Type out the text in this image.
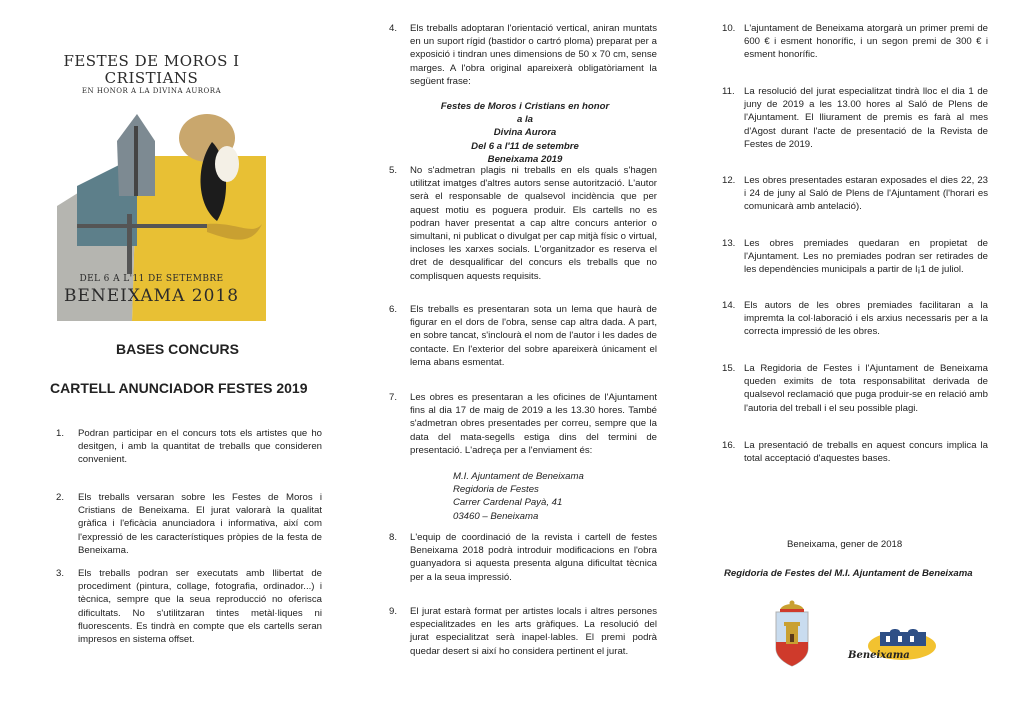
FESTES DE MOROS I
CRISTIANS
EN HONOR A LA DIVINA AURORA
DEL 6 A L'11 DE SETEMBRE
BENEIXAMA 2018
BASES CONCURS
CARTELL ANUNCIADOR FESTES 2019
1. Podran participar en el concurs tots els artistes que ho desitgen, i amb la quantitat de treballs que consideren convenient.
2. Els treballs versaran sobre les Festes de Moros i Cristians de Beneixama. El jurat valorarà la qualitat gràfica i l'eficàcia anunciadora i informativa, així com l'expressió de les característiques pròpies de la festa de Beneixama.
3. Els treballs podran ser executats amb llibertat de procediment (pintura, collage, fotografia, ordinador...) i tècnica, sempre que la seua reproducció no oferisca dificultats. No s'utilitzaran tintes metàl·liques ni fluorescents. Es tindrà en compte que els cartells seran impresos en sistema offset.
4. Els treballs adoptaran l'orientació vertical, aniran muntats en un suport rígid (bastidor o cartró ploma) preparat per a exposició i tindran unes dimensions de 50 x 70 cm, sense marges. A l'obra original apareixerà obligatòriament la següent frase:
Festes de Moros i Cristians en honor a la
Divina Aurora
Del 6 a l'11 de setembre
Beneixama 2019
5. No s'admetran plagis ni treballs en els quals s'hagen utilitzat imatges d'altres autors sense autorització. L'autor serà el responsable de qualsevol incidència que per aquest motiu es poguera produir. Els cartells no es podran haver presentat a cap altre concurs anterior o simultani, ni publicat o divulgat per cap mitjà físic o virtual, incloses les xarxes socials. L'organitzador es reserva el dret de desqualificar del concurs els treballs que no complisquen aquests requisits.
6. Els treballs es presentaran sota un lema que haurà de figurar en el dors de l'obra, sense cap altra dada. A part, en sobre tancat, s'inclourà el nom de l'autor i les dades de contacte. En l'exterior del sobre apareixerà únicament el lema abans esmentat.
7. Les obres es presentaran a les oficines de l'Ajuntament fins al dia 17 de maig de 2019 a les 13.30 hores. També s'admetran obres presentades per correu, sempre que la data del mata-segells estiga dins del termini de presentació. L'adreça per a l'enviament és:
M.I. Ajuntament de Beneixama
Regidoria de Festes
Carrer Cardenal Payà, 41
03460 – Beneixama
8. L'equip de coordinació de la revista i cartell de festes Beneixama 2018 podrà introduir modificacions en l'obra guanyadora si aquesta presenta alguna dificultat tècnica per a la seua impressió.
9. El jurat estarà format per artistes locals i altres persones especialitzades en les arts gràfiques. La resolució del jurat especialitzat serà inapel·lables. El premi podrà quedar desert si així ho considera pertinent el jurat.
10. L'ajuntament de Beneixama atorgarà un primer premi de 600 € i esment honorífic, i un segon premi de 300 € i esment honorífic.
11. La resolució del jurat especialitzat tindrà lloc el dia 1 de juny de 2019 a les 13.00 hores al Saló de Plens de l'Ajuntament. El lliurament de premis es farà al mes d'Agost durant l'acte de presentació de la Revista de Festes de 2019.
12. Les obres presentades estaran exposades el dies 22, 23 i 24 de juny al Saló de Plens de l'Ajuntament (l'horari es comunicarà amb antelació).
13. Les obres premiades quedaran en propietat de l'Ajuntament. Les no premiades podran ser retirades de les dependències municipals a partir de l¡1 de juliol.
14. Els autors de les obres premiades facilitaran a la impremta la col·laboració i els arxius necessaris per a la correcta impressió de les obres.
15. La Regidoria de Festes i l'Ajuntament de Beneixama queden eximits de tota responsabilitat derivada de qualsevol reclamació que puga produir-se en relació amb l'autoria del treball i el seu possible plagi.
16. La presentació de treballs en aquest concurs implica la total acceptació d'aquestes bases.
Beneixama, gener de 2018
Regidoria de Festes del M.I. Ajuntament de Beneixama
Beneixama
